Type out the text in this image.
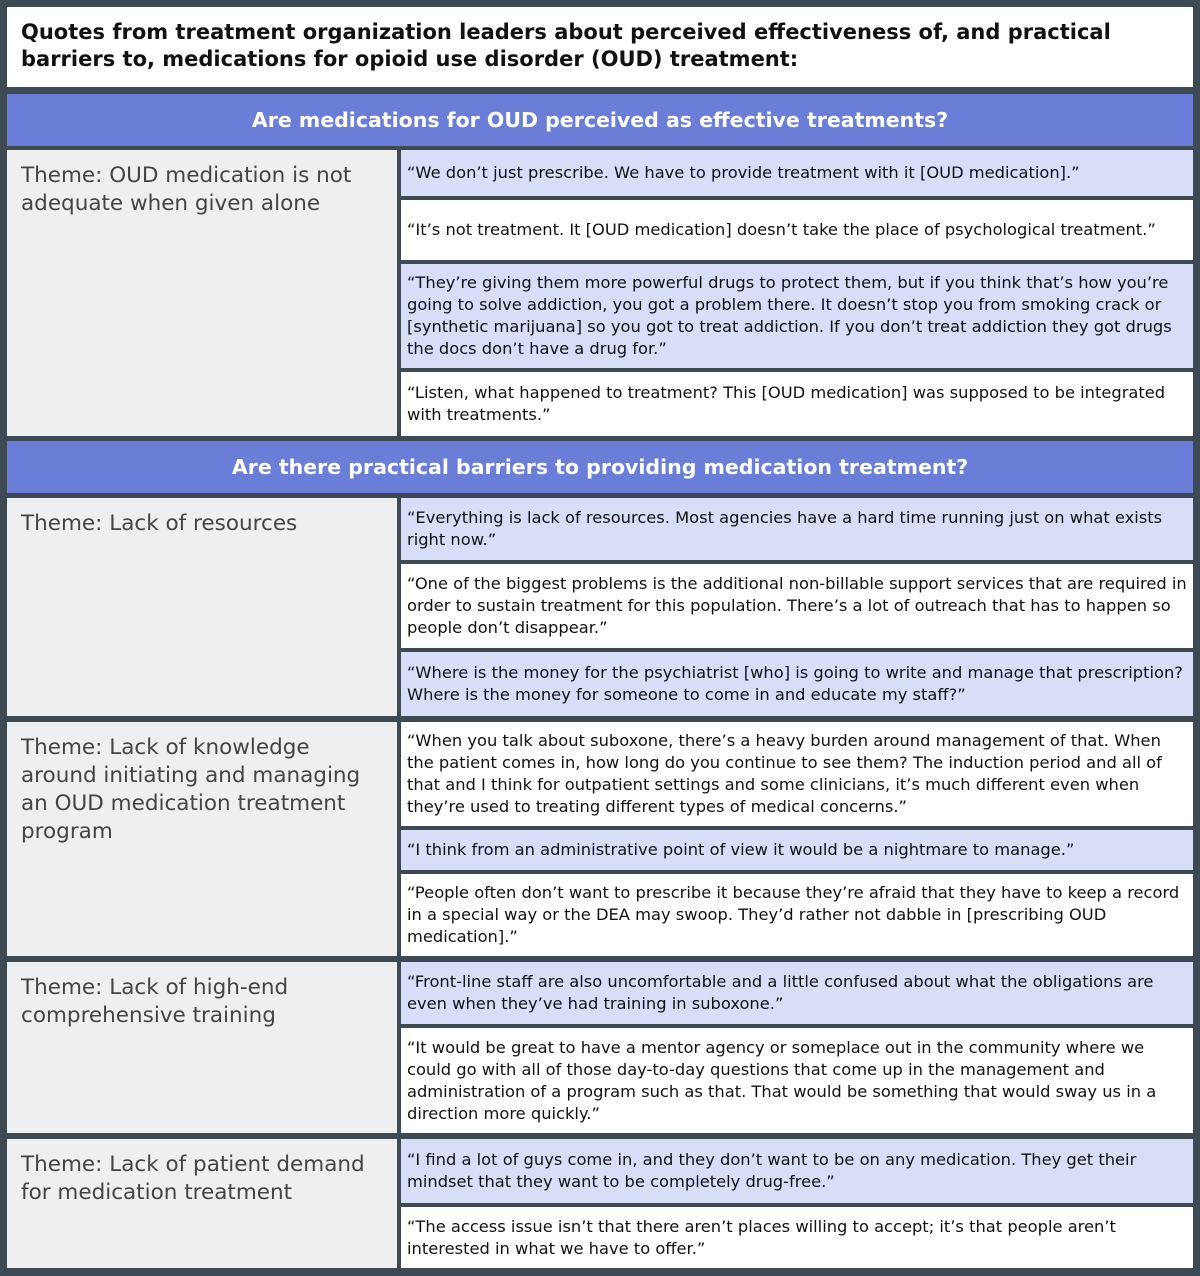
Quotes from treatment organization leaders about perceived effectiveness of, and practical barriers to, medications for opioid use disorder (OUD) treatment:
Are medications for OUD perceived as effective treatments?
Theme: OUD medication is not adequate when given alone
“We don’t just prescribe. We have to provide treatment with it [OUD medication].”
“It’s not treatment. It [OUD medication] doesn’t take the place of psychological treatment.”
“They’re giving them more powerful drugs to protect them, but if you think that’s how you’re going to solve addiction, you got a problem there. It doesn’t stop you from smoking crack or [synthetic marijuana] so you got to treat addiction. If you don’t treat addiction they got drugs the docs don’t have a drug for.”
“Listen, what happened to treatment? This [OUD medication] was supposed to be integrated with treatments.”
Are there practical barriers to providing medication treatment?
Theme: Lack of resources	“Everything is lack of resources. Most agencies have a hard time running just on what exists right now.”
“One of the biggest problems is the additional non-billable support services that are required in order to sustain treatment for this population. There’s a lot of outreach that has to happen so people don’t disappear.”
“Where is the money for the psychiatrist [who] is going to write and manage that prescription? Where is the money for someone to come in and educate my staff?”
Theme: Lack of knowledge around initiating and managing an OUD medication treatment program
“When you talk about suboxone, there’s a heavy burden around management of that. When the patient comes in, how long do you continue to see them? The induction period and all of that and I think for outpatient settings and some clinicians, it’s much different even when they’re used to treating different types of medical concerns.”
“I think from an administrative point of view it would be a nightmare to manage.”
“People often don’t want to prescribe it because they’re afraid that they have to keep a record in a special way or the DEA may swoop. They’d rather not dabble in [prescribing OUD medication].”
Theme: Lack of high-end comprehensive training
“Front-line staff are also uncomfortable and a little confused about what the obligations are even when they’ve had training in suboxone.”
“It would be great to have a mentor agency or someplace out in the community where we could go with all of those day-to-day questions that come up in the management and administration of a program such as that. That would be something that would sway us in a direction more quickly.”
Theme: Lack of patient demand for medication treatment
“I find a lot of guys come in, and they don’t want to be on any medication. They get their mindset that they want to be completely drug-free.”
“The access issue isn’t that there aren’t places willing to accept; it’s that people aren’t interested in what we have to offer.”
